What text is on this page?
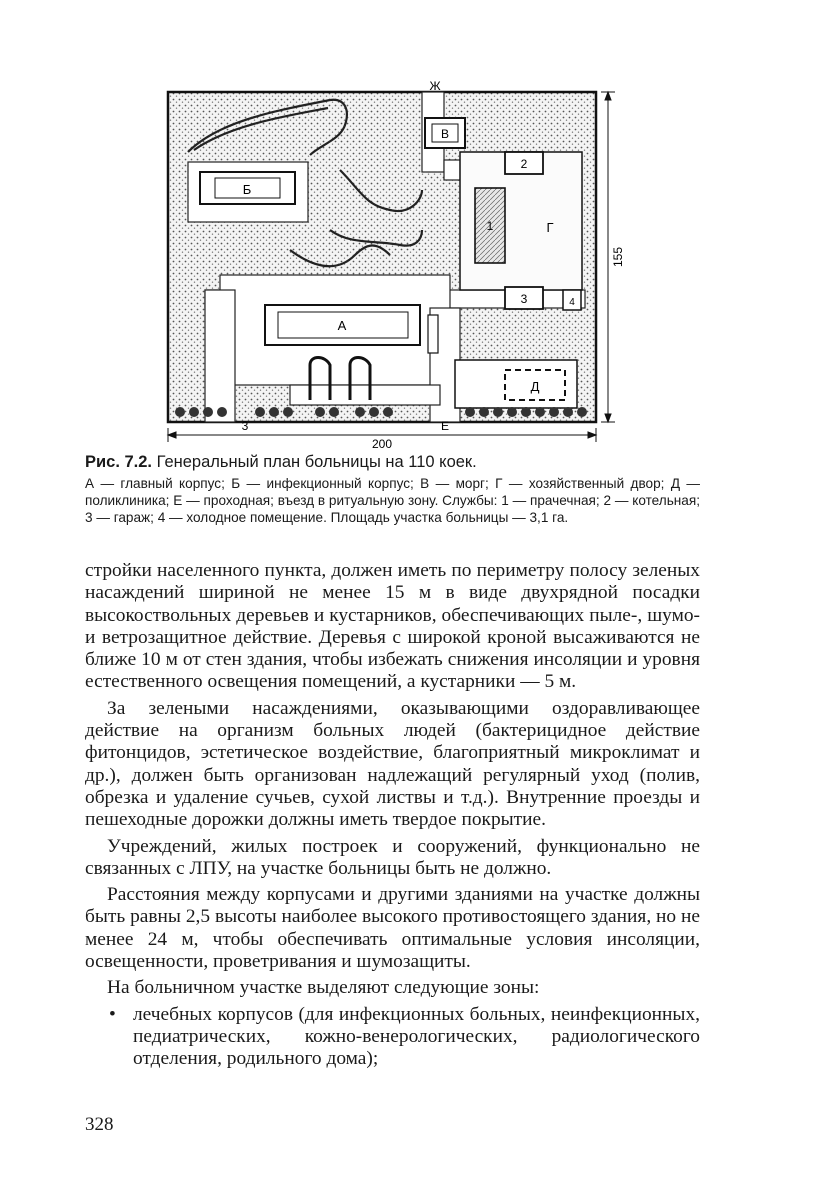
Б
В
Ж
Г
1
2
3	4
А
Д
3	Е
200
155

Рис. 7.2. Генеральный план больницы на 110 коек.

А — главный корпус; Б — инфекционный корпус; В — морг; Г — хозяйственный двор; Д — поликлиника; Е — проходная; въезд в ритуальную зону. Службы: 1 — прачечная; 2 — котельная; 3 — гараж; 4 — холодное помещение. Площадь участка больницы — 3,1 га.

стройки населенного пункта, должен иметь по периметру полосу зеленых насаждений шириной не менее 15 м в виде двухрядной посадки высокоствольных деревьев и кустарников, обеспечивающих пыле-, шумо- и ветрозащитное действие. Деревья с широкой кроной высаживаются не ближе 10 м от стен здания, чтобы избежать снижения инсоляции и уровня естественного освещения помещений, а кустарники — 5 м.

За зелеными насаждениями, оказывающими оздоравливающее действие на организм больных людей (бактерицидное действие фитонцидов, эстетическое воздействие, благоприятный микроклимат и др.), должен быть организован надлежащий регулярный уход (полив, обрезка и удаление сучьев, сухой листвы и т.д.). Внутренние проезды и пешеходные дорожки должны иметь твердое покрытие.

Учреждений, жилых построек и сооружений, функционально не связанных с ЛПУ, на участке больницы быть не должно.

Расстояния между корпусами и другими зданиями на участке должны быть равны 2,5 высоты наиболее высокого противостоящего здания, но не менее 24 м, чтобы обеспечивать оптимальные условия инсоляции, освещенности, проветривания и шумозащиты.

На больничном участке выделяют следующие зоны:

• лечебных корпусов (для инфекционных больных, неинфекционных, педиатрических, кожно-венерологических, радиологического отделения, родильного дома);
328
